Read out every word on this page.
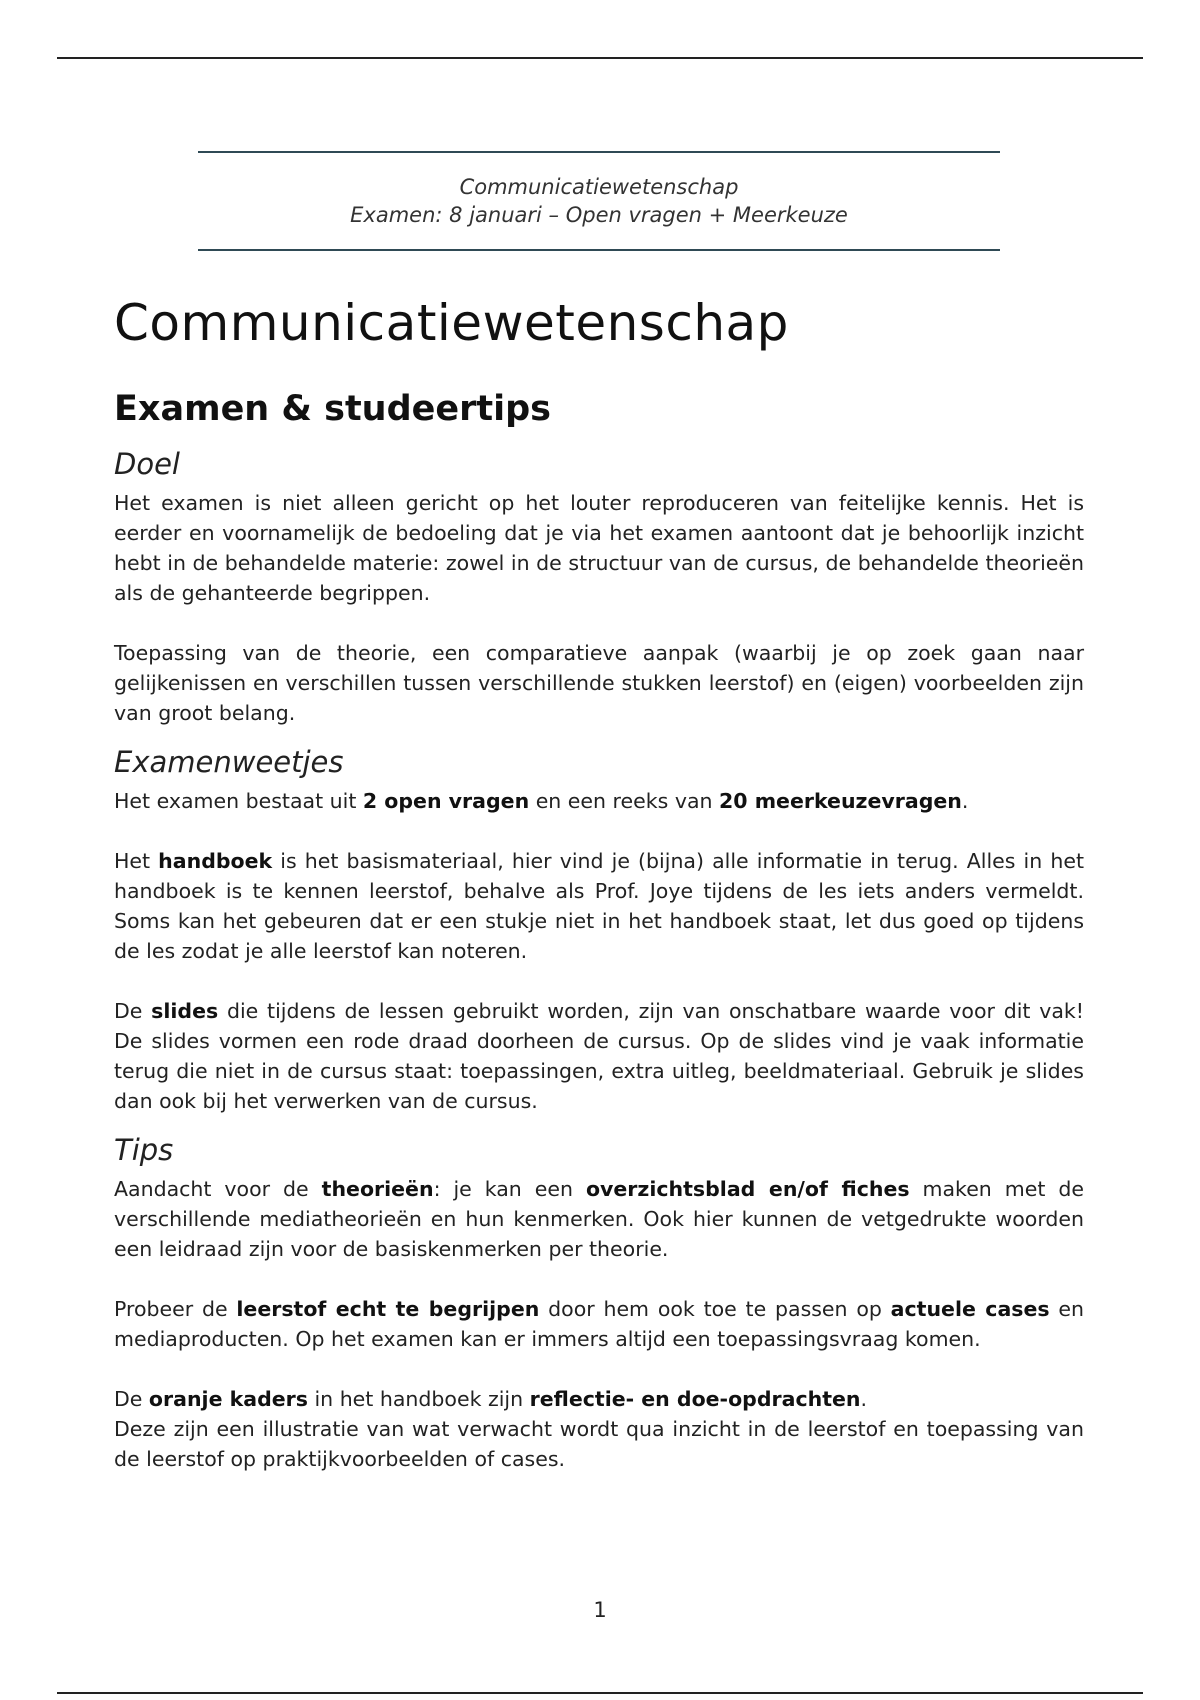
Communicatiewetenschap
Examen: 8 januari – Open vragen + Meerkeuze
Communicatiewetenschap
Examen & studeertips
Doel

Het examen is niet alleen gericht op het louter reproduceren van feitelijke kennis. Het is eerder en voornamelijk de bedoeling dat je via het examen aantoont dat je behoorlijk inzicht hebt in de behandelde materie: zowel in de structuur van de cursus, de behandelde theorieën als de gehanteerde begrippen.

Toepassing van de theorie, een comparatieve aanpak (waarbij je op zoek gaan naar gelijkenissen en verschillen tussen verschillende stukken leerstof) en (eigen) voorbeelden zijn van groot belang.

Examenweetjes

Het examen bestaat uit 2 open vragen en een reeks van 20 meerkeuzevragen.

Het handboek is het basismateriaal, hier vind je (bijna) alle informatie in terug. Alles in het handboek is te kennen leerstof, behalve als Prof. Joye tijdens de les iets anders vermeldt. Soms kan het gebeuren dat er een stukje niet in het handboek staat, let dus goed op tijdens de les zodat je alle leerstof kan noteren.

De slides die tijdens de lessen gebruikt worden, zijn van onschatbare waarde voor dit vak! De slides vormen een rode draad doorheen de cursus. Op de slides vind je vaak informatie terug die niet in de cursus staat: toepassingen, extra uitleg, beeldmateriaal. Gebruik je slides dan ook bij het verwerken van de cursus.

Tips

Aandacht voor de theorieën: je kan een overzichtsblad en/of fiches maken met de verschillende mediatheorieën en hun kenmerken. Ook hier kunnen de vetgedrukte woorden een leidraad zijn voor de basiskenmerken per theorie.

Probeer de leerstof echt te begrijpen door hem ook toe te passen op actuele cases en mediaproducten. Op het examen kan er immers altijd een toepassingsvraag komen.

De oranje kaders in het handboek zijn reflectie- en doe-opdrachten.

Deze zijn een illustratie van wat verwacht wordt qua inzicht in de leerstof en toepassing van de leerstof op praktijkvoorbeelden of cases.

1
